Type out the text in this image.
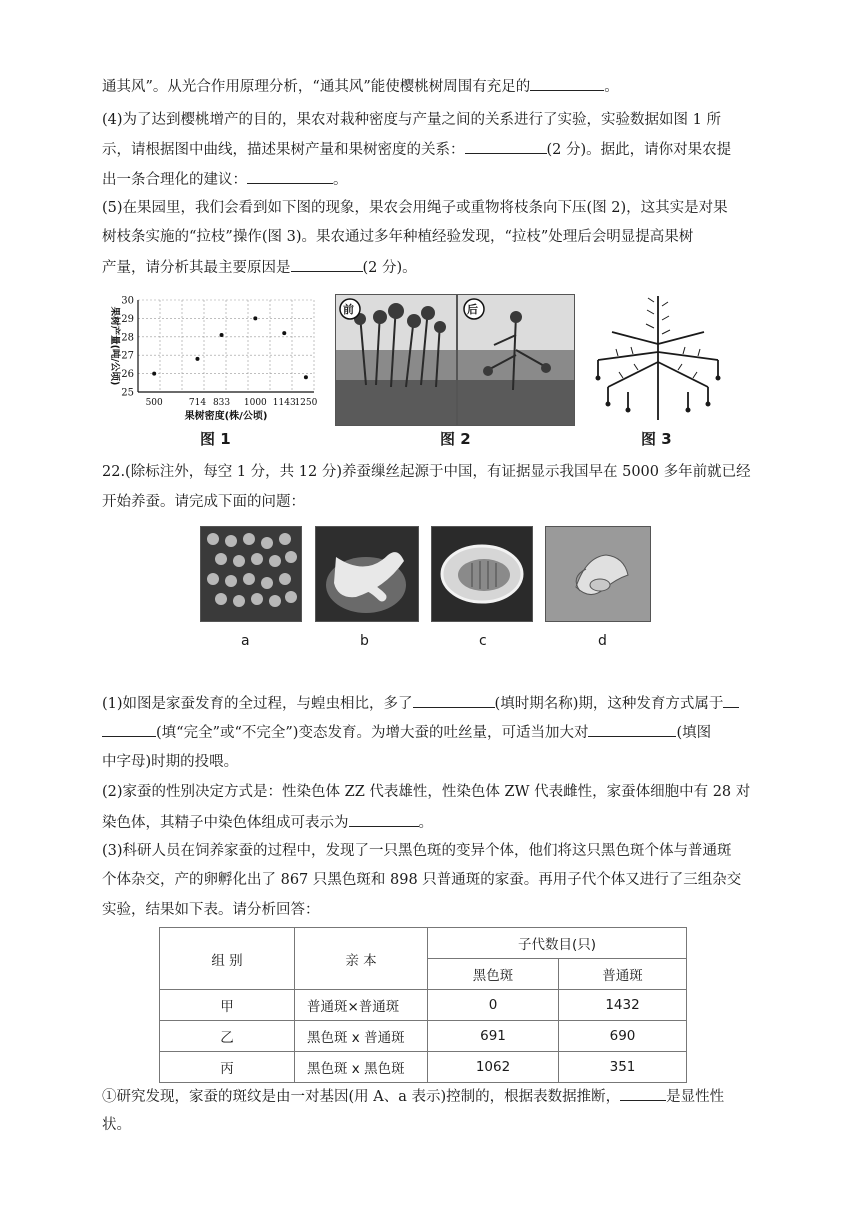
通其风”。从光合作用原理分析，“通其风”能使樱桃树周围有充足的	。
(4)为了达到樱桃增产的目的，果农对栽种密度与产量之间的关系进行了实验，实验数据如图 1 所
示，请根据图中曲线，描述果树产量和果树密度的关系：	(2 分)。据此，请你对果农提
出一条合理化的建议：	。
(5)在果园里，我们会看到如下图的现象，果农会用绳子或重物将枝条向下压(图 2)，这其实是对果
树枝条实施的“拉枝”操作(图 3)。果农通过多年种植经验发现，“拉枝”处理后会明显提高果树
产量，请分析其最主要原因是	(2 分)。
25
26
27
28
29
30
500	714 833 1000 1143
1250
果树密度(株/公顷)
果树产量(吨/公顷)
图 1
前	后
图 2	图 3
22.(除标注外，每空 1 分，共 12 分)养蚕缫丝起源于中国，有证据显示我国早在 5000 多年前就已经
开始养蚕。请完成下面的问题：
a	b	c	d
(1)如图是家蚕发育的全过程，与蝗虫相比，多了	(填时期名称)期，这种发育方式属于
(填“完全”或“不完全”)变态发育。为增大蚕的吐丝量，可适当加大对	(填图
中字母)时期的投喂。
(2)家蚕的性别决定方式是：性染色体 ZZ 代表雄性，性染色体 ZW 代表雌性，家蚕体细胞中有 28 对
染色体，其精子中染色体组成可表示为	。
(3)科研人员在饲养家蚕的过程中，发现了一只黑色斑的变异个体，他们将这只黑色斑个体与普通斑
个体杂交，产的卵孵化出了 867 只黑色斑和 898 只普通斑的家蚕。再用子代个体又进行了三组杂交
实验，结果如下表。请分析回答：
组 别	亲 本	子代数目(只)	
		黑色斑	普通斑
甲	普通斑×普通斑	0	1432
乙	黑色斑 x 普通斑	691	690
丙	黑色斑 x 黑色斑	1062	351
①研究发现，家蚕的斑纹是由一对基因(用 A、a 表示)控制的，根据表数据推断，	是显性性
状。
